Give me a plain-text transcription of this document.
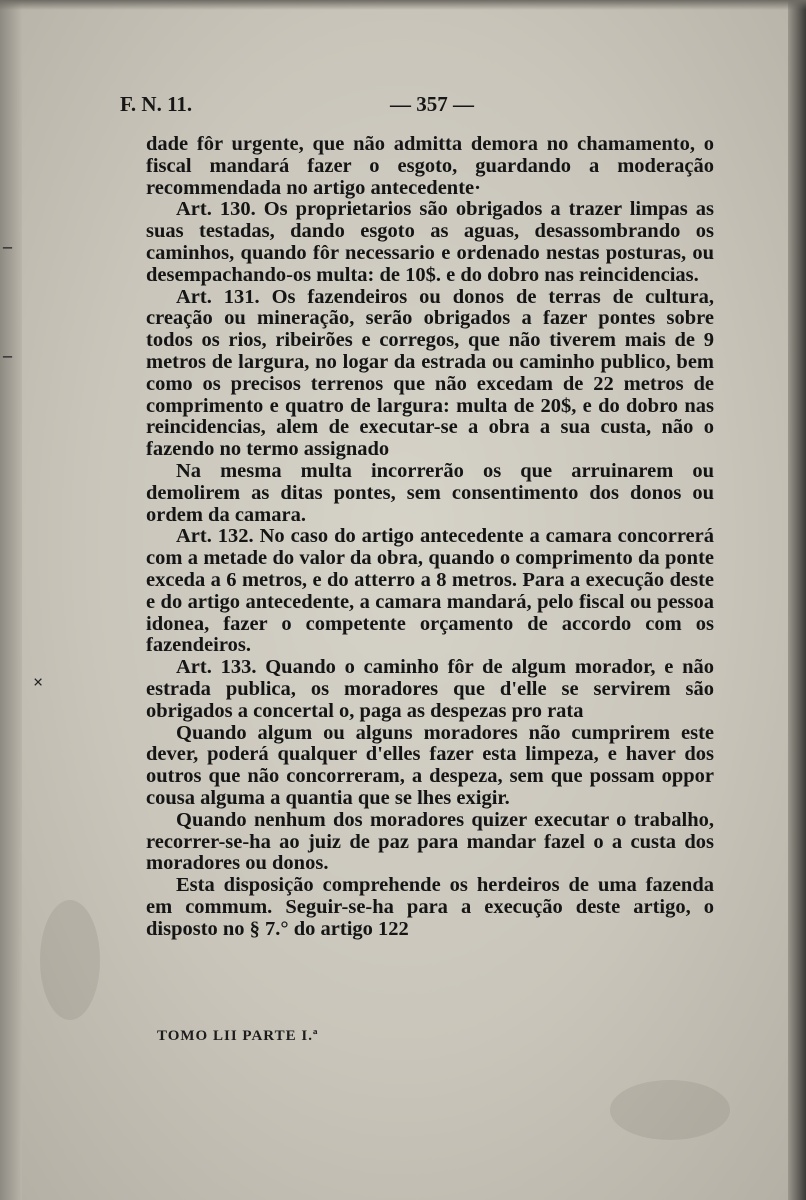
‒
‒
×
F. N. 11.	— 357 —

dade fôr urgente, que não admitta demora no chamamento, o fiscal mandará fazer o esgoto, guardando a moderação recommendada no artigo antecedente·

Art. 130. Os proprietarios são obrigados a trazer limpas as suas testadas, dando esgoto as aguas, desassombrando os caminhos, quando fôr necessario e ordenado nestas posturas, ou desempachando-os multa: de 10$. e do dobro nas reincidencias.

Art. 131. Os fazendeiros ou donos de terras de cultura, creação ou mineração, serão obrigados a fazer pontes sobre todos os rios, ribeirões e corregos, que não tiverem mais de 9 metros de largura, no logar da estrada ou caminho publico, bem como os precisos terrenos que não excedam de 22 metros de comprimento e quatro de largura: multa de 20$, e do dobro nas reincidencias, alem de executar-se a obra a sua custa, não o fazendo no termo assignado

Na mesma multa incorrerão os que arruinarem ou demolirem as ditas pontes, sem consentimento dos donos ou ordem da camara.

Art. 132. No caso do artigo antecedente a camara concorrerá com a metade do valor da obra, quando o comprimento da ponte exceda a 6 metros, e do atterro a 8 metros. Para a execução deste e do artigo antecedente, a camara mandará, pelo fiscal ou pessoa idonea, fazer o competente orçamento de accordo com os fazendeiros.

Art. 133. Quando o caminho fôr de algum morador, e não estrada publica, os moradores que d'elle se servirem são obrigados a concertal o, paga as despezas pro rata

Quando algum ou alguns moradores não cumprirem este dever, poderá qualquer d'elles fazer esta limpeza, e haver dos outros que não concorreram, a despeza, sem que possam oppor cousa alguma a quantia que se lhes exigir.

Quando nenhum dos moradores quizer executar o trabalho, recorrer-se-ha ao juiz de paz para mandar fazel o a custa dos moradores ou donos.

Esta disposição comprehende os herdeiros de uma fazenda em commum. Seguir-se-ha para a execução deste artigo, o disposto no § 7.° do artigo 122

TOMO LII PARTE I.ª
